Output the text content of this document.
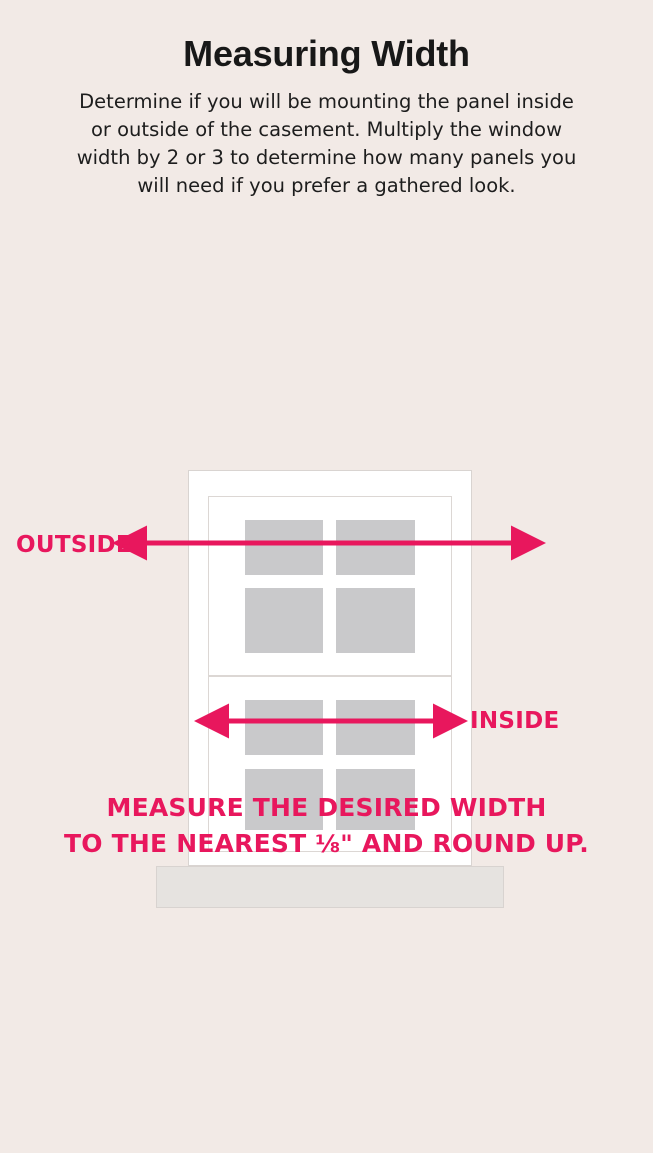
Measuring Width

Determine if you will be mounting the panel inside or outside of the casement. Multiply the window width by 2 or 3 to determine how many panels you will need if you prefer a gathered look.

OUTSIDE
INSIDE
MEASURE THE DESIRED WIDTH
TO THE NEAREST ⅛" AND ROUND UP.
